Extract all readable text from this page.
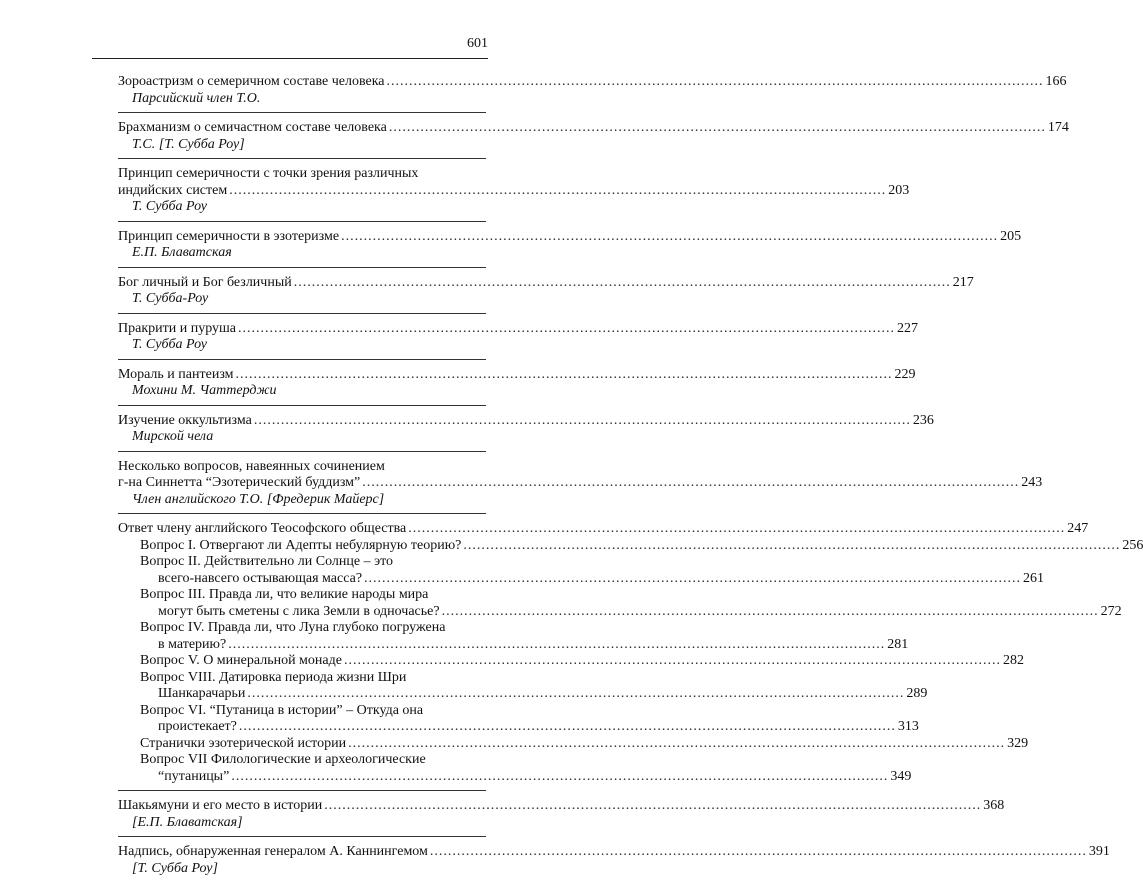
601
Зороастризм о семеричном составе человека .....	166
Парсийский член Т.О.
Брахманизм о семичастном составе человека .....	174
Т.С. [Т. Субба Роу]
Принцип семеричности с точки зрения различных
индийских систем .....	203
Т. Субба Роу
Принцип семеричности в эзотеризме .....	205
Е.П. Блаватская
Бог личный и Бог безличный .....	217
Т. Субба-Роу
Пракрити и пуруша .....	227
Т. Субба Роу
Мораль и пантеизм .....	229
Мохини М. Чаттерджи
Изучение оккультизма .....	236
Мирской чела
Несколько вопросов, навеянных сочинением
г-на Синнетта “Эзотерический буддизм” .....	243
Член английского Т.О. [Фредерик Майерс]
Ответ члену английского Теософского общества .....	247
Вопрос I. Отвергают ли Адепты небулярную теорию? .....	256
Вопрос II. Действительно ли Солнце – это
всего-навсего остывающая масса? .....	261
Вопрос III. Правда ли, что великие народы мира
могут быть сметены с лика Земли в одночасье? .....	272
Вопрос IV. Правда ли, что Луна глубоко погружена
в материю? .....	281
Вопрос V. О минеральной монаде .....	282
Вопрос VIII. Датировка периода жизни Шри
Шанкарачарьи .....	289
Вопрос VI. “Путаница в истории” – Откуда она
проистекает? .....	313
Странички эзотерической истории .....	329
Вопрос VII Филологические и археологические
“путаницы” .....	349
Шакьямуни и его место в истории .....	368
[Е.П. Блаватская]
Надпись, обнаруженная генералом А. Каннингемом .....	391
[Т. Субба Роу]
